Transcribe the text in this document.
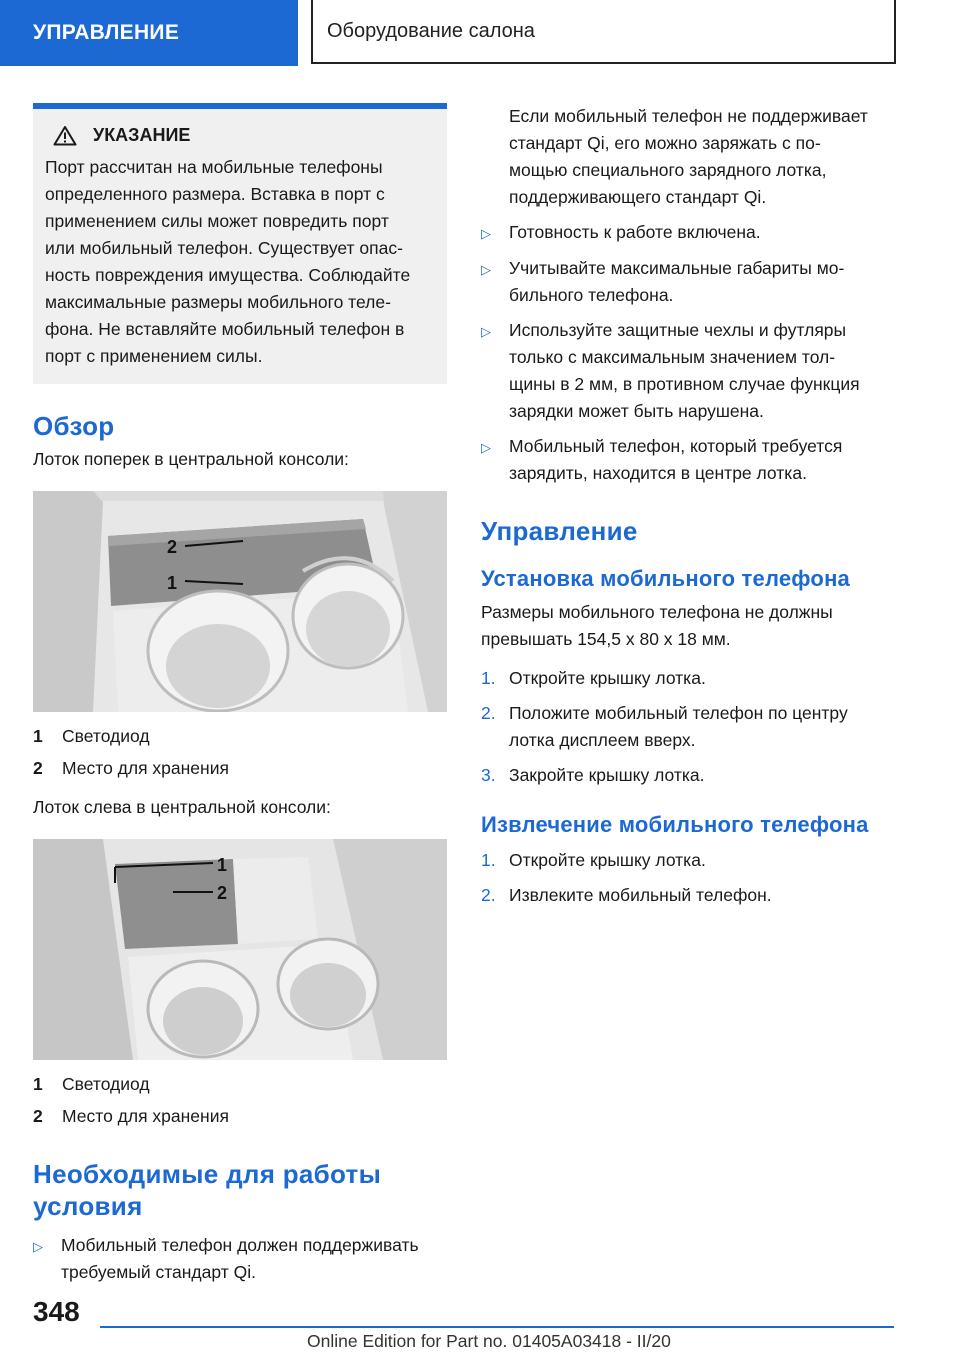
УПРАВЛЕНИЕ	Оборудование салона
УКАЗАНИЕ
Порт рассчитан на мобильные телефоны
определенного размера. Вставка в порт с
применением силы может повредить порт
или мобильный телефон. Существует опас-
ность повреждения имущества. Соблюдайте
максимальные размеры мобильного теле-
фона. Не вставляйте мобильный телефон в
порт с применением силы.
Обзор
Лоток поперек в центральной консоли:
2
1
1	Светодиод
2	Место для хранения
Лоток слева в центральной консоли:
1
2
1	Светодиод
2	Место для хранения
Необходимые для работы
условия
▷	Мобильный телефон должен поддерживать
требуемый стандарт Qi.
Если мобильный телефон не поддерживает
стандарт Qi, его можно заряжать с по-
мощью специального зарядного лотка,
поддерживающего стандарт Qi.
▷	Готовность к работе включена.
▷	Учитывайте максимальные габариты мо-
бильного телефона.
▷	Используйте защитные чехлы и футляры
только с максимальным значением тол-
щины в 2 мм, в противном случае функция
зарядки может быть нарушена.
▷	Мобильный телефон, который требуется
зарядить, находится в центре лотка.
Управление
Установка мобильного телефона
Размеры мобильного телефона не должны
превышать 154,5 x 80 x 18 мм.
1. Откройте крышку лотка.
2. Положите мобильный телефон по центру
лотка дисплеем вверх.
3. Закройте крышку лотка.
Извлечение мобильного телефона
1. Откройте крышку лотка.
2. Извлеките мобильный телефон.
348
Online Edition for Part no. 01405A03418 - II/20
